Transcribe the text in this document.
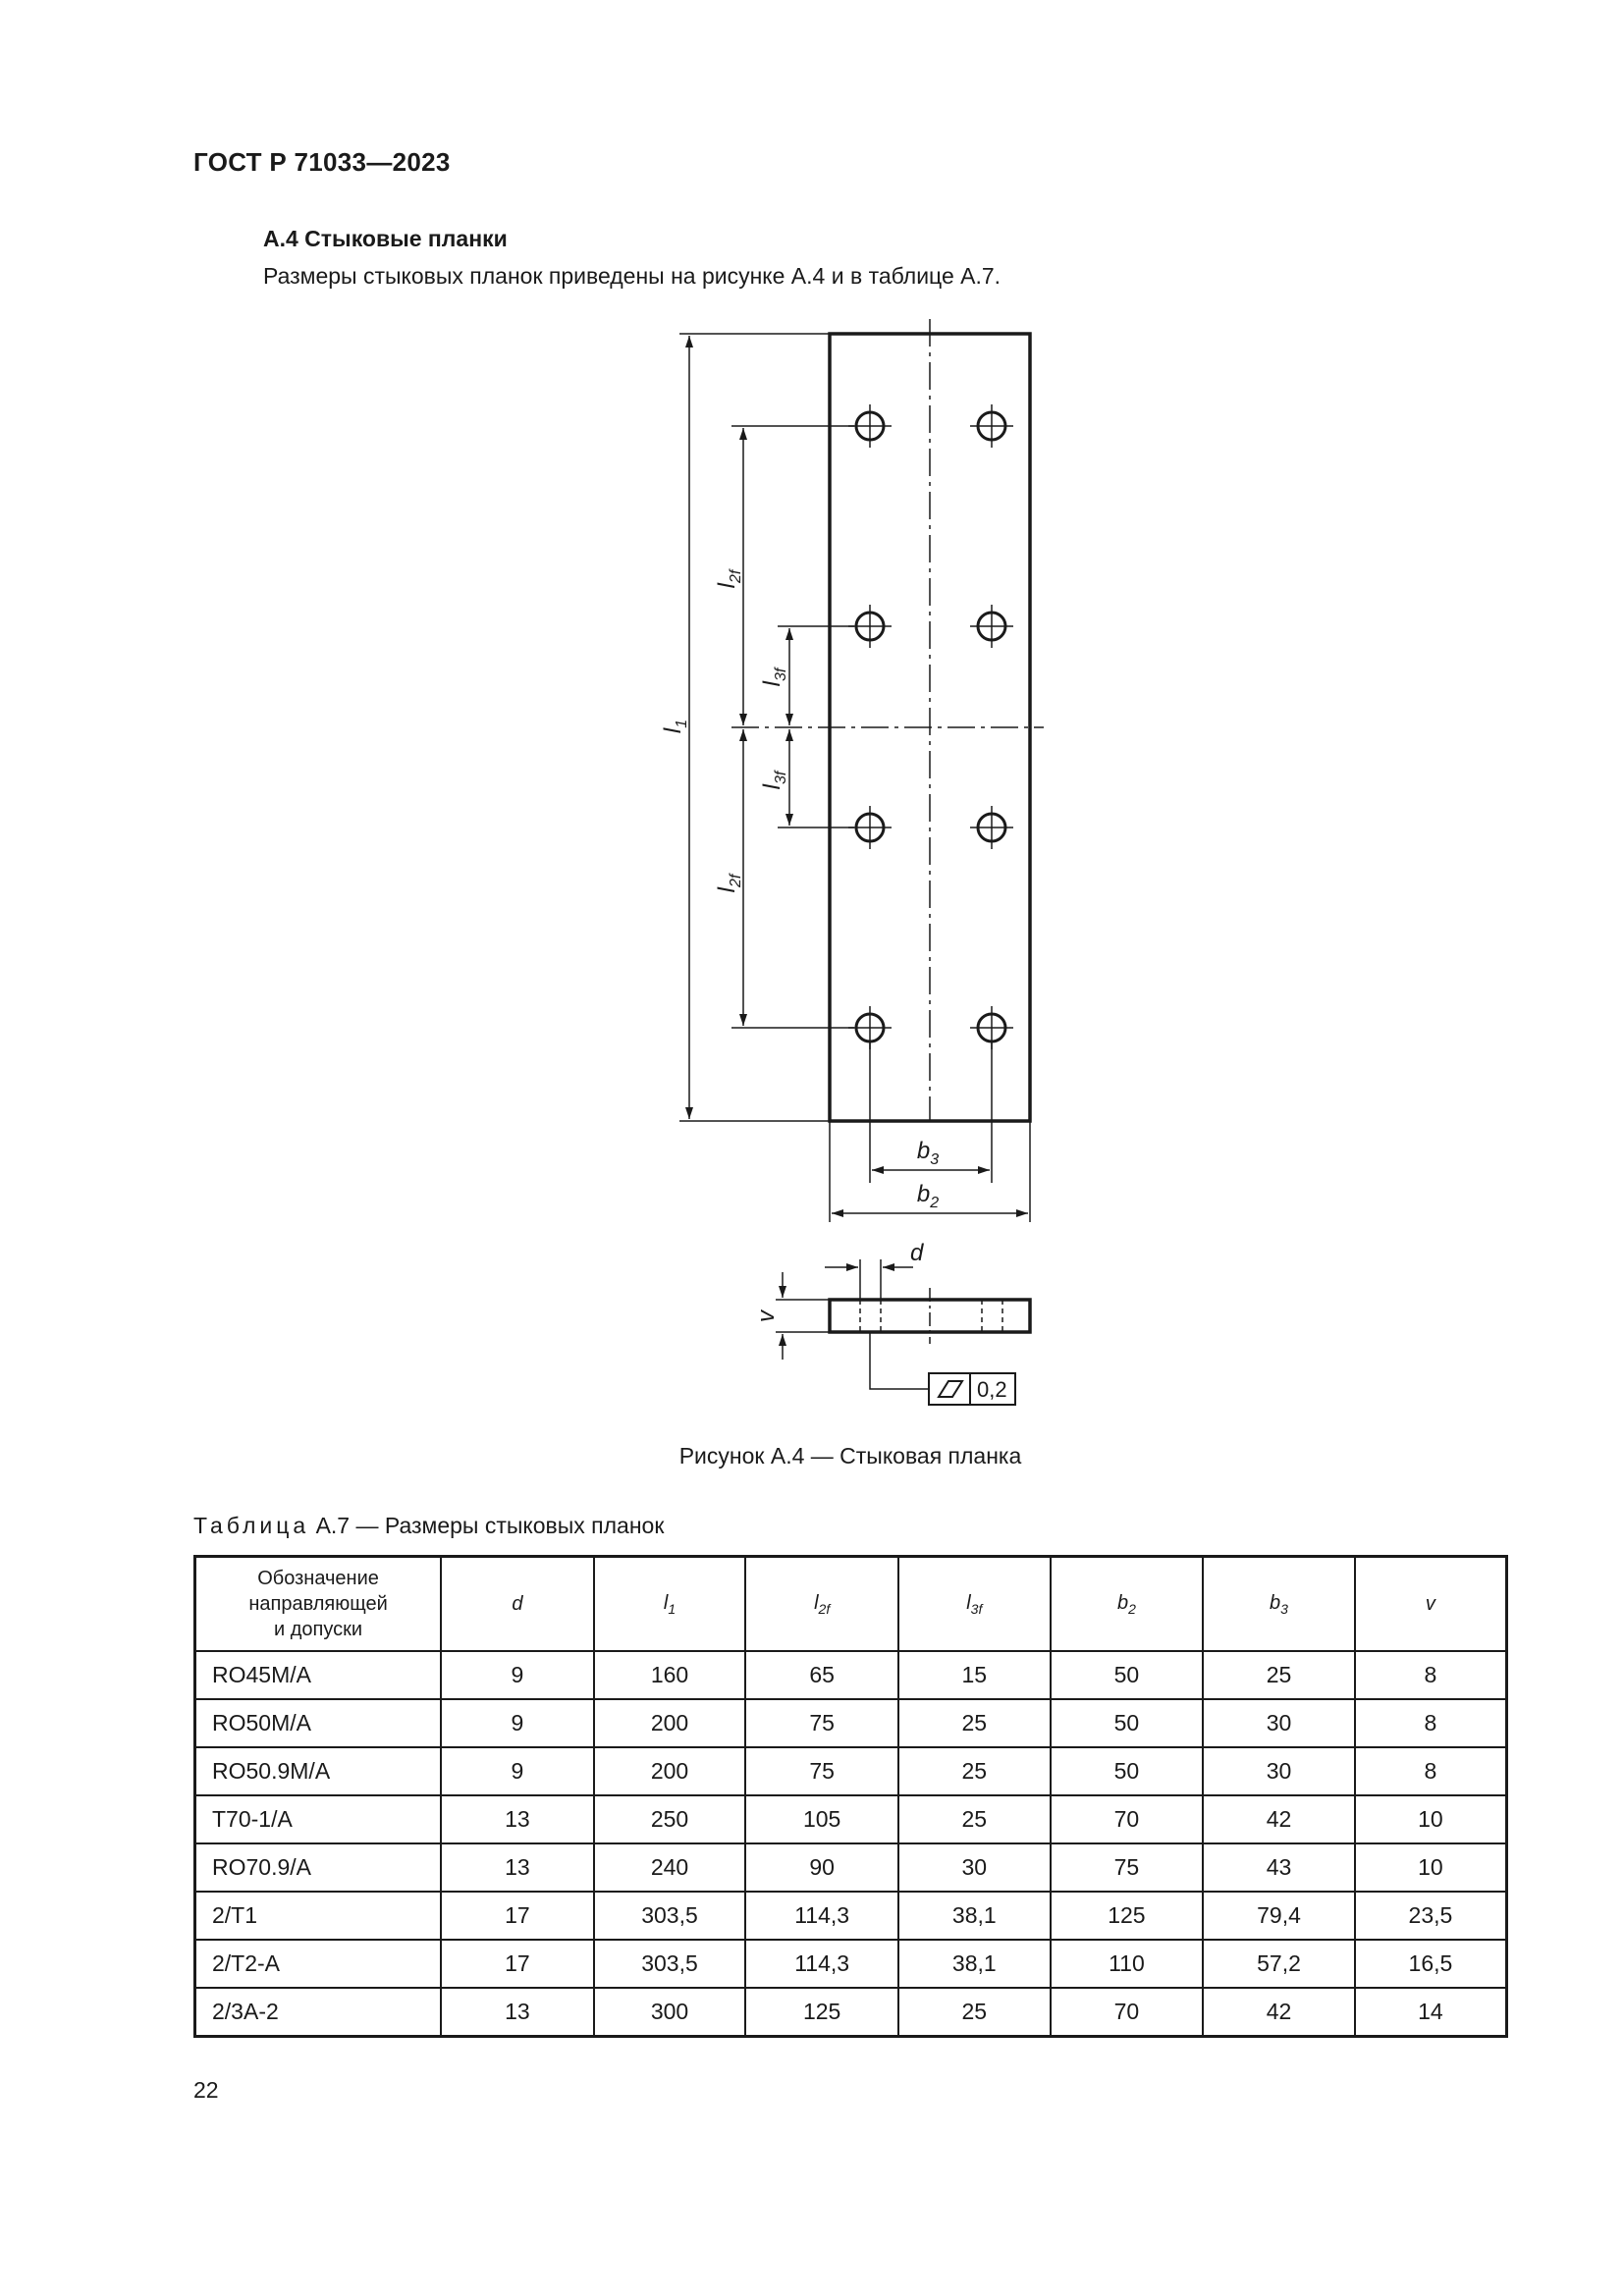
ГОСТ Р 71033—2023
А.4 Стыковые планки
Размеры стыковых планок приведены на рисунке А.4 и в таблице А.7.
$l_1$
$l_{2f}$
$l_{2f}$
$l_{3f}$
$l_{3f}$
$b_3$
$b_2$
d
v
0,2
Рисунок А.4 — Стыковая планка
Таблица А.7 — Размеры стыковых планок
Обозначение
направляющей
и допуски	d	$l_1$	$l_{2f}$	$l_{3f}$	$b_2$	$b_3$	v
RO45M/A	9	160	65	15	50	25	8
RO50M/A	9	200	75	25	50	30	8
RO50.9M/A	9	200	75	25	50	30	8
T70-1/A	13	250	105	25	70	42	10
RO70.9/A	13	240	90	30	75	43	10
2/T1	17	303,5	114,3	38,1	125	79,4	23,5
2/T2-A	17	303,5	114,3	38,1	110	57,2	16,5
2/3A-2	13	300	125	25	70	42	14
22
